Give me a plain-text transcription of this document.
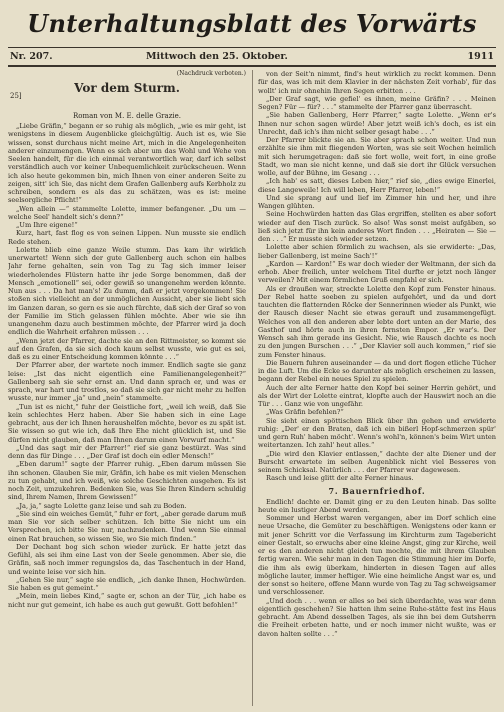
Unterhaltungsblatt des Vorwärts
Nr. 207.	Mittwoch den 25. Oktober.	1911
(Nachdruck verboten.)
25]
Vor dem Sturm.
Roman von M. E. delle Grazie.

„Liebe Gräfin,“ begann er so ruhig als möglich, „wie es mir geht, ist wenigstens in diesem Augenblicke gleichgültig. Auch ist es, wie Sie wissen, sonst durchaus nicht meine Art, mich in die Angelegenheiten anderer einzumengen. Wenn es sich aber um das Wohl und Wehe von Seelen handelt, für die ich einmal verantwortlich war, darf ich selbst verständlich auch vor keiner Unbequemlichkeit zurückscheuen. Wenn ich also heute gekommen bin, mich Ihnen von einer anderen Seite zu zeigen, sitt' ich Sie, das nicht dem Grafen Gallenberg aufs Kerbholz zu schreiben, sondern es als das zu schätzen, was es ist: meine seelsorgliche Pflicht!“

„Wen allein —“ stammelte Lolette, immer befangener. „Du um — welche Seel' handelt sich's denn?“

„Um Ihre eigene!“

Kurz, hart, fast flog es von seinen Lippen. Nun musste sie endlich Rede stehen.

Lolette blieb eine ganze Weile stumm. Das kam ihr wirklich unerwartet! Wenn sich der gute Gallenberg auch schon ein halbes Jahr ferne gehalten, sein von Tag zu Tag sich immer leiser wiederholendes Flüstern hatte ihr jede Sorge benommen, daß der Mensch „emotionell“ sei, oder gewiß so unangenehm werden könnte. Nun aus . . . Da hat man's! Zu dumm, daß er jetzt vorgekommen! Sie stoßen sich vielleicht an der unmöglichen Aussicht, aber sie liebt sich im Ganzen daran, so gern es sie auch fürchte, daß sich der Graf so von der Familie im Stich gelassen fühlen möchte. Aber wie sie ihn unangenehm dazu auch bestimmen möchte, der Pfarrer wird ja doch endlich die Wahrheit erfahren müssen . . .

„Wenn jetzt der Pfarrer, dachte sie an den Rittmeister, so kommt sie auf den Grafen, da sie sich doch kaum selbst wusste, wie gut es sei, daß es zu einer Entscheidung kommen könnte . . .“

Der Pfarrer aber, der wartete noch immer. Endlich sagte sie ganz leise: „Ist das nicht eigentlich eine Familienangelegenheit?“ Gallenberg sah sie sehr ernst an. Und dann sprach er, und was er sprach, war hart und trostlos, so daß sie sich gar nicht mehr zu helfen wusste, nur immer „ja“ und „nein“ stammelte.

„Tun ist es nicht,“ fuhr der Geistliche fort, „weil ich weiß, daß Sie kein schlechtes Herz haben. Aber Sie haben sich in eine Lage gebracht, aus der ich Ihnen heraushelfen möchte, bevor es zu spät ist. Sie wissen so gut wie ich, daß Ihre Ehe nicht glücklich ist, und Sie dürfen nicht glauben, daß man Ihnen darum einen Vorwurf macht.“

„Und das sagt mir der Pfarrer!“ rief sie ganz bestürzt. Was sind denn das für Dinge . . . „Der Graf ist doch ein edler Mensch!“

„Eben darum!“ sagte der Pfarrer ruhig. „Eben darum müssen Sie ihn schonen. Glauben Sie mir, Gräfin, ich habe es mit vielen Menschen zu tun gehabt, und ich weiß, wie solche Geschichten ausgehen. Es ist noch Zeit, umzukehren. Bedenken Sie, was Sie Ihren Kindern schuldig sind, Ihrem Namen, Ihrem Gewissen!“

„Ja, ja,“ sagte Lolette ganz leise und sah zu Boden.

„Sie sind ein weiches Gemüt,“ fuhr er fort, „aber gerade darum muß man Sie vor sich selber schützen. Ich bitte Sie nicht um ein Versprechen, ich bitte Sie nur, nachzudenken. Und wenn Sie einmal einen Rat brauchen, so wissen Sie, wo Sie mich finden.“

Der Dechant bog sich schon wieder zurück. Er hatte jetzt das Gefühl, als sei ihm eine Last von der Seele genommen. Aber sie, die Gräfin, saß noch immer regungslos da, das Taschentuch in der Hand, und weinte leise vor sich hin.

„Gehen Sie nur,“ sagte sie endlich, „ich danke Ihnen, Hochwürden. Sie haben es gut gemeint.“

„Mein, mein liebes Kind,“ sagte er, schon an der Tür, „ich habe es nicht nur gut gemeint, ich habe es auch gut gewußt. Gott befohlen!“

von der Seit'n nimmt, find's heut wirklich zu reckt kommen. Denn für das, was ich mit dem Klavier in der nächsten Zeit vorhab', für das wollt' ich mir ohnehin Ihren Segen erbitten . . .

„Der Graf sagt, wie gefiel' es ihnen, meine Gräfin? . . . Meinen Segen? Für — für? . . .“ stammelte der Pfarrer ganz überrascht.

„Sie haben Gallenberg, Herr Pfarrer,“ sagte Lolette. „Wenn er's Ihnen nur schon sagen würde! Aber jetzt weiß ich's doch, es ist ein Unrecht, daß ich's ihm nicht selber gesagt habe . . .“

Der Pfarrer blickte sie an. Sie aber sprach schon weiter. Und nun erzählte sie ihm mit fliegenden Worten, was sie seit Wochen heimlich mit sich herumgetragen: daß sie fort wolle, weit fort, in eine große Stadt, wo man sie nicht kenne, und daß sie dort ihr Glück versuchen wolle, auf der Bühne, im Gesang . . .

„Ich hab' es satt, dieses Leben hier,“ rief sie, „dies ewige Einerlei, diese Langeweile! Ich will leben, Herr Pfarrer, leben!“

Und sie sprang auf und lief im Zimmer hin und her, und ihre Wangen glühten.

Seine Hochwürden hatten das Glas ergriffen, stellten es aber sofort wieder auf den Tisch zurück. So also! Was sonst meist aufgäben, so ließ sich jetzt für ihn kein anderes Wort finden . . . „Heiraten — Sie — den . . .“ Er musste sich wieder setzen.

Lolette aber schien förmlich zu wachsen, als sie erwiderte: „Das, lieber Gallenberg, ist meine Sach'!“

„Kardon — Kardon!“ Es war doch wieder der Weltmann, der sich da erhob. Aber freilich, unter welchem Titel durfte er jetzt noch länger verweilen? Mit einem förmlichen Gruß empfahl er sich.

Als er draußen war, streckte Lolette den Kopf zum Fenster hinaus. Der Rebel hatte soeben zu spielen aufgehört, und da und dort tauchten die flatternden Röcke der Sennerinnen wieder als Punkt, wie der Rausch dieser Nacht sie etwas gerauft und zusammengefügt. Welches von all den anderen aber lebte dort unten an der Marie, des Gasthof und hörte auch in ihren fernsten Empor. „Er war's. Der Wensch sah ihm gerade ins Gesicht. Nie, wie Rausch dachte es noch zu den jungen Burschen . . .“ „Der Klavier soll auch kommen,“ rief sie zum Fenster hinaus.

Die Bauern fuhren auseinander — da und dort flogen etliche Tücher in die Luft. Um die Ecke so darunter als möglich erscheinen zu lassen, begann der Rebel ein neues Spiel zu spielen.

Auch der alte Ferner hatte den Kopf bei seiner Herrin gehört, und als der Wirt der Lolette eintrat, klopfte auch der Hauswirt noch an die Tür . . . Ganz wie von ungefähr.

„Was Gräfin befehlen?“

Sie sieht einen spöttischen Blick über ihn gehen und erwiderte ruhig: „Der' er den Braten, daß ich ein bißerl Hopf-schmerzen spür' und gern Ruh' haben möcht'. Wenn's wohl'n, können's beim Wirt unten weitertanzen. Ich zahl' heut alles.“

„Die wird den Klavier entlassen,“ dachte der alte Diener und der Burscht erwartete im selben Augenblick nicht viel Besseres von seinem Schicksal. Natürlich . . . der Pfarrer war dagewesen.

Rasch und leise glitt der alte Ferner hinaus.

7. Bauernfriedhof.

Endlich! dachte er. Damit ging er zu den Leuten hinab. Das sollte heute ein lustiger Abend werden.

Sommer und Herbst waren vergangen, aber im Dorf schlich eine neue Ursache, die Gemüter zu beschäftigen. Wenigstens oder kann er mit jener Schritt vor die Verfassung im Kirchturm zum Tagebericht einer Gestalt, so erwuchs aber eine kleine Angst, ging zur Kirche, weil er es den anderen nicht gleich tun mochte, die mit ihrem Glauben fertig waren. Wie sehr man in den Tagen die Stimmung hier im Dorfe, die ihm als ewig überkam, hinderten in diesen Tagen auf alles mögliche lauter, immer heftiger. Wie eine heimliche Angst war es, und der sonst so heitere, offene Mann wurde von Tag zu Tag schweigsamer und verschlossener.

„Und doch . . . wenn er alles so bei sich überdachte, was war denn eigentlich geschehen? Sie hatten ihm seine Ruhe-stätte fest ins Haus gebracht. Am Abend desselben Tages, als sie ihn bei dem Gutsherrn die Freiheit erbeten hatte, und er noch immer nicht wußte, was er davon halten sollte . . .“
